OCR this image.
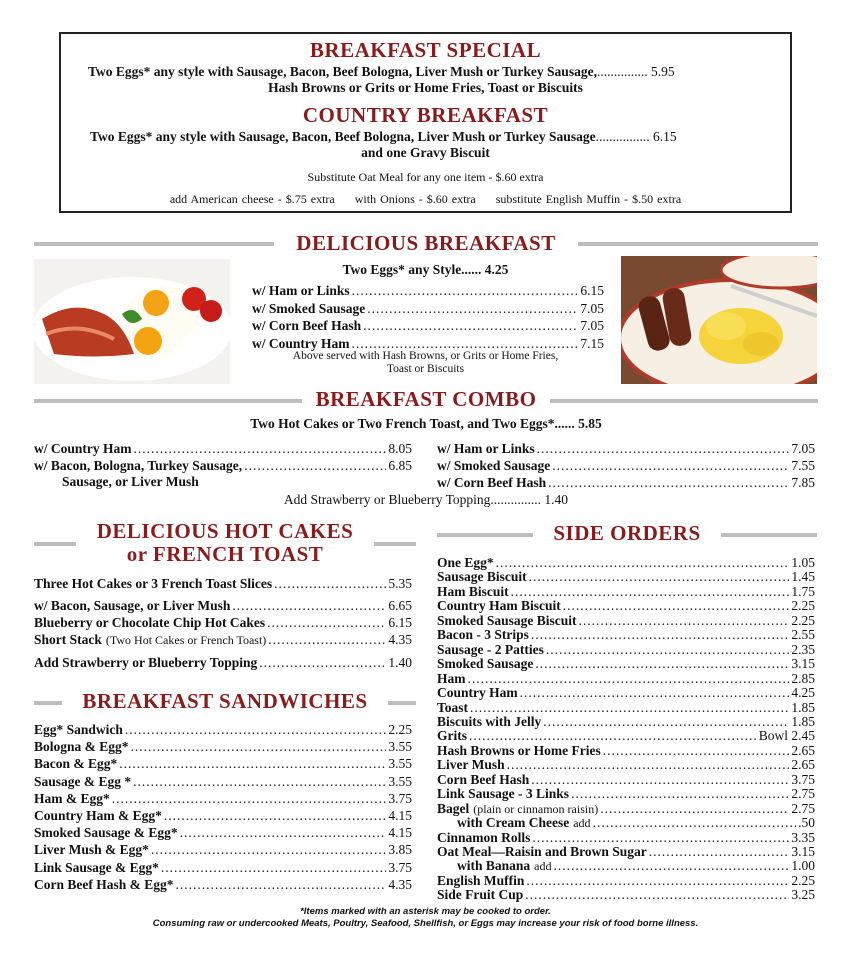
BREAKFAST SPECIAL
Two Eggs* any style with Sausage, Bacon, Beef Bologna, Liver Mush or Turkey Sausage,............... 5.95
Hash Browns or Grits or Home Fries, Toast or Biscuits
COUNTRY BREAKFAST
Two Eggs* any style with Sausage, Bacon, Beef Bologna, Liver Mush or Turkey Sausage................ 6.15
and one Gravy Biscuit
Substitute Oat Meal for any one item - $.60 extra
add American cheese - $.75 extra with Onions - $.60 extra substitute English Muffin - $.50 extra
DELICIOUS BREAKFAST
Two Eggs* any Style...... 4.25
w/ Ham or Links .....	6.15
w/ Smoked Sausage .....	7.05
w/ Corn Beef Hash .....	7.05
w/ Country Ham .....	7.15
Above served with Hash Browns, or Grits or Home Fries,
Toast or Biscuits
BREAKFAST COMBO
Two Hot Cakes or Two French Toast, and Two Eggs*...... 5.85
w/ Country Ham .....	8.05
w/ Bacon, Bologna, Turkey Sausage, .....	6.85
Sausage, or Liver Mush
w/ Ham or Links .....	7.05
w/ Smoked Sausage .....	7.55
w/ Corn Beef Hash .....	7.85
Add Strawberry or Blueberry Topping............... 1.40
DELICIOUS HOT CAKES
or FRENCH TOAST
Three Hot Cakes or 3 French Toast Slices .....	5.35
w/ Bacon, Sausage, or Liver Mush .....	6.65
Blueberry or Chocolate Chip Hot Cakes .....	6.15
Short Stack (Two Hot Cakes or French Toast) .....	4.35
Add Strawberry or Blueberry Topping .....	1.40
BREAKFAST SANDWICHES
Egg* Sandwich .....	2.25
Bologna & Egg* .....	3.55
Bacon & Egg* .....	3.55
Sausage & Egg * .....	3.55
Ham & Egg* .....	3.75
Country Ham & Egg* .....	4.15
Smoked Sausage & Egg* .....	4.15
Liver Mush & Egg* .....	3.85
Link Sausage & Egg* .....	3.75
Corn Beef Hash & Egg* .....	4.35
SIDE ORDERS
One Egg* .....	1.05
Sausage Biscuit .....	1.45
Ham Biscuit .....	1.75
Country Ham Biscuit .....	2.25
Smoked Sausage Biscuit .....	2.25
Bacon - 3 Strips .....	2.55
Sausage - 2 Patties .....	2.35
Smoked Sausage .....	3.15
Ham .....	2.85
Country Ham .....	4.25
Toast .....	1.85
Biscuits with Jelly .....	1.85
Grits .....	Bowl 2.45
Hash Browns or Home Fries .....	2.65
Liver Mush .....	2.65
Corn Beef Hash .....	3.75
Link Sausage - 3 Links .....	2.75
Bagel (plain or cinnamon raisin) .....	2.75
with Cream Cheese add .....	.50
Cinnamon Rolls .....	3.35
Oat Meal—Raisin and Brown Sugar .....	3.15
with Banana add .....	1.00
English Muffin .....	2.25
Side Fruit Cup .....	3.25
*Items marked with an asterisk may be cooked to order.
Consuming raw or undercooked Meats, Poultry, Seafood, Shellfish, or Eggs may increase your risk of food borne illness.
